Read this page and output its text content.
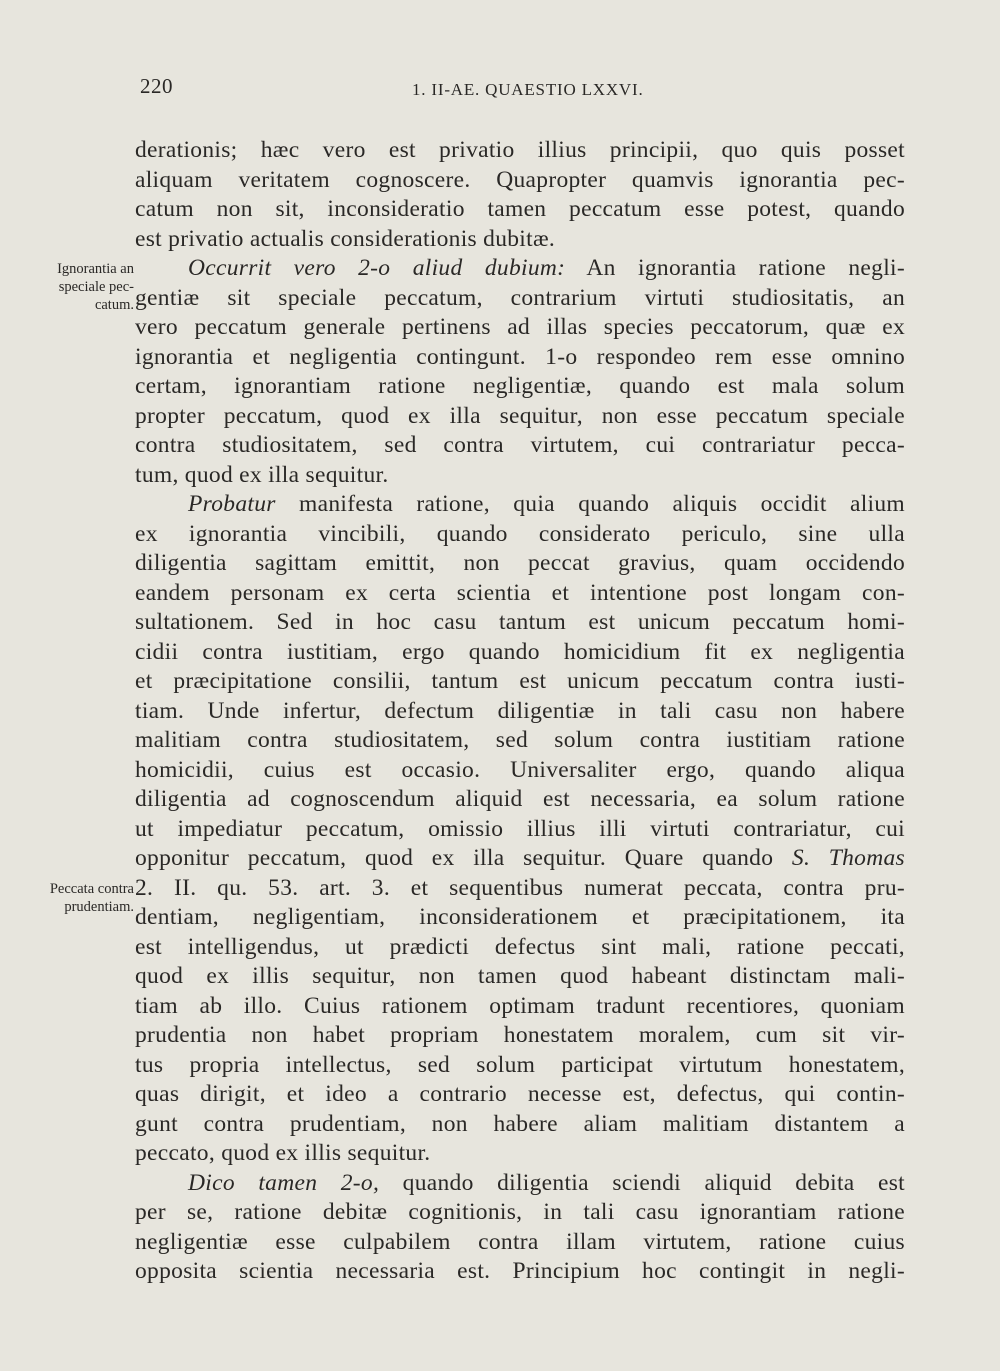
220	1. II-AE. QUAESTIO LXXVI.
Ignorantia an
speciale pec-
catum.
Peccata contra
prudentiam.
derationis; hæc vero est privatio illius principii, quo quis posset
aliquam veritatem cognoscere. Quapropter quamvis ignorantia pec-
catum non sit, inconsideratio tamen peccatum esse potest, quando
est privatio actualis considerationis dubitæ.
Occurrit vero 2-o aliud dubium: An ignorantia ratione negli-
gentiæ sit speciale peccatum, contrarium virtuti studiositatis, an
vero peccatum generale pertinens ad illas species peccatorum, quæ ex
ignorantia et negligentia contingunt. 1-o respondeo rem esse omnino
certam, ignorantiam ratione negligentiæ, quando est mala solum
propter peccatum, quod ex illa sequitur, non esse peccatum speciale
contra studiositatem, sed contra virtutem, cui contrariatur pecca-
tum, quod ex illa sequitur.
Probatur manifesta ratione, quia quando aliquis occidit alium
ex ignorantia vincibili, quando considerato periculo, sine ulla
diligentia sagittam emittit, non peccat gravius, quam occidendo
eandem personam ex certa scientia et intentione post longam con-
sultationem. Sed in hoc casu tantum est unicum peccatum homi-
cidii contra iustitiam, ergo quando homicidium fit ex negligentia
et præcipitatione consilii, tantum est unicum peccatum contra iusti-
tiam. Unde infertur, defectum diligentiæ in tali casu non habere
malitiam contra studiositatem, sed solum contra iustitiam ratione
homicidii, cuius est occasio. Universaliter ergo, quando aliqua
diligentia ad cognoscendum aliquid est necessaria, ea solum ratione
ut impediatur peccatum, omissio illius illi virtuti contrariatur, cui
opponitur peccatum, quod ex illa sequitur. Quare quando S. Thomas
2. II. qu. 53. art. 3. et sequentibus numerat peccata, contra pru-
dentiam, negligentiam, inconsiderationem et præcipitationem, ita
est intelligendus, ut prædicti defectus sint mali, ratione peccati,
quod ex illis sequitur, non tamen quod habeant distinctam mali-
tiam ab illo. Cuius rationem optimam tradunt recentiores, quoniam
prudentia non habet propriam honestatem moralem, cum sit vir-
tus propria intellectus, sed solum participat virtutum honestatem,
quas dirigit, et ideo a contrario necesse est, defectus, qui contin-
gunt contra prudentiam, non habere aliam malitiam distantem a
peccato, quod ex illis sequitur.
Dico tamen 2-o, quando diligentia sciendi aliquid debita est
per se, ratione debitæ cognitionis, in tali casu ignorantiam ratione
negligentiæ esse culpabilem contra illam virtutem, ratione cuius
opposita scientia necessaria est. Principium hoc contingit in negli-
